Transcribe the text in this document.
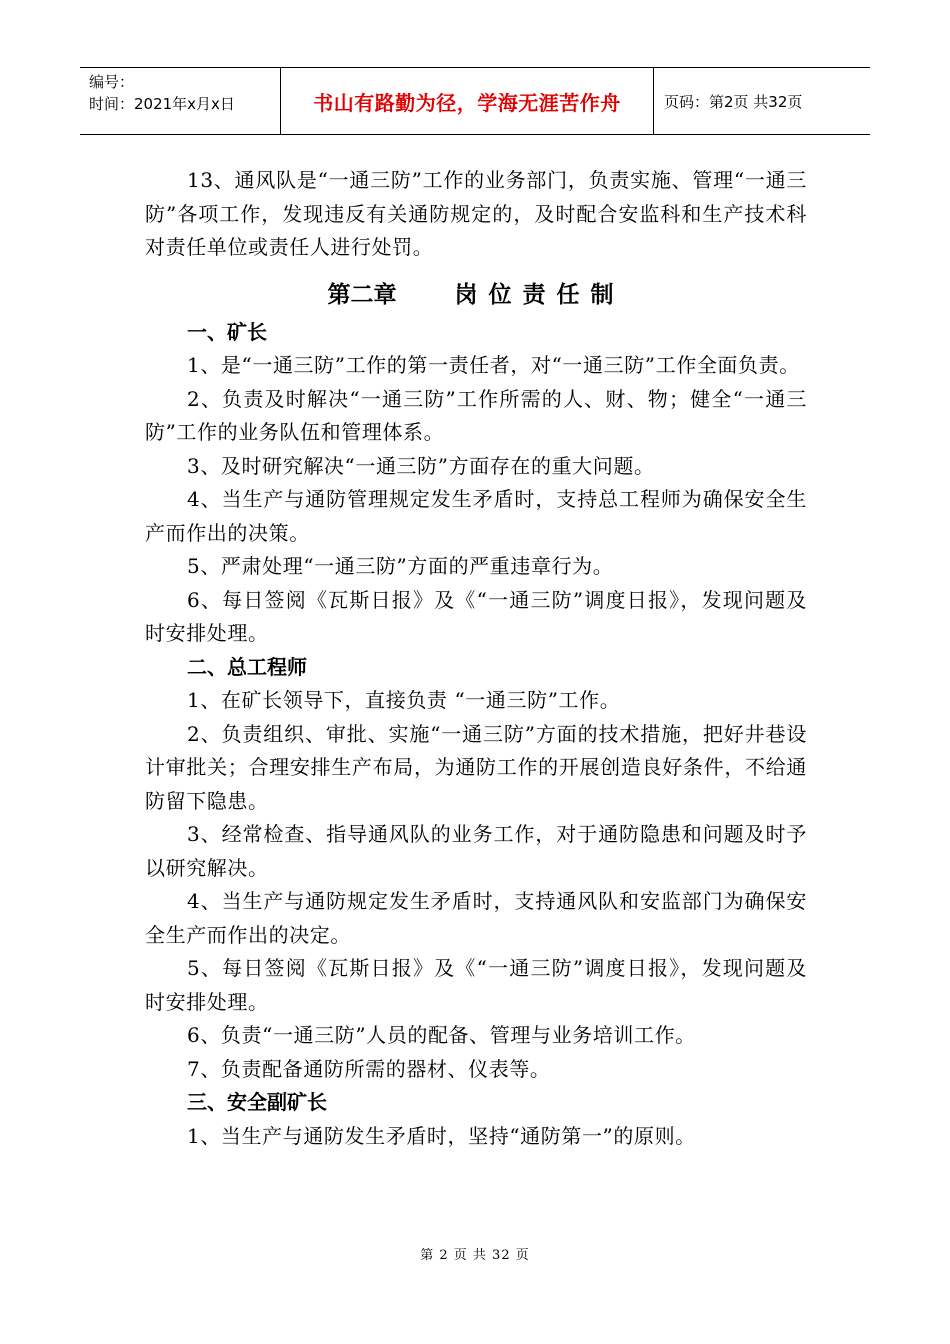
编号：
时间：2021年x月x日	书山有路勤为径，学海无涯苦作舟	页码：第2页 共32页

13、通风队是“一通三防”工作的业务部门，负责实施、管理“一通三防”各项工作，发现违反有关通防规定的，及时配合安监科和生产技术科对责任单位或责任人进行处罚。

第二章	岗位责任制

一、矿长

1、是“一通三防”工作的第一责任者，对“一通三防”工作全面负责。

2、负责及时解决“一通三防”工作所需的人、财、物；健全“一通三防”工作的业务队伍和管理体系。

3、及时研究解决“一通三防”方面存在的重大问题。

4、当生产与通防管理规定发生矛盾时，支持总工程师为确保安全生产而作出的决策。

5、严肃处理“一通三防”方面的严重违章行为。

6、每日签阅《瓦斯日报》及《“一通三防”调度日报》，发现问题及时安排处理。

二、总工程师

1、在矿长领导下，直接负责 “一通三防”工作。

2、负责组织、审批、实施“一通三防”方面的技术措施，把好井巷设计审批关；合理安排生产布局，为通防工作的开展创造良好条件，不给通防留下隐患。

3、经常检查、指导通风队的业务工作，对于通防隐患和问题及时予以研究解决。

4、当生产与通防规定发生矛盾时，支持通风队和安监部门为确保安全生产而作出的决定。

5、每日签阅《瓦斯日报》及《“一通三防”调度日报》，发现问题及时安排处理。

6、负责“一通三防”人员的配备、管理与业务培训工作。

7、负责配备通防所需的器材、仪表等。

三、安全副矿长

1、当生产与通防发生矛盾时，坚持“通防第一”的原则。

第 2 页 共 32 页
